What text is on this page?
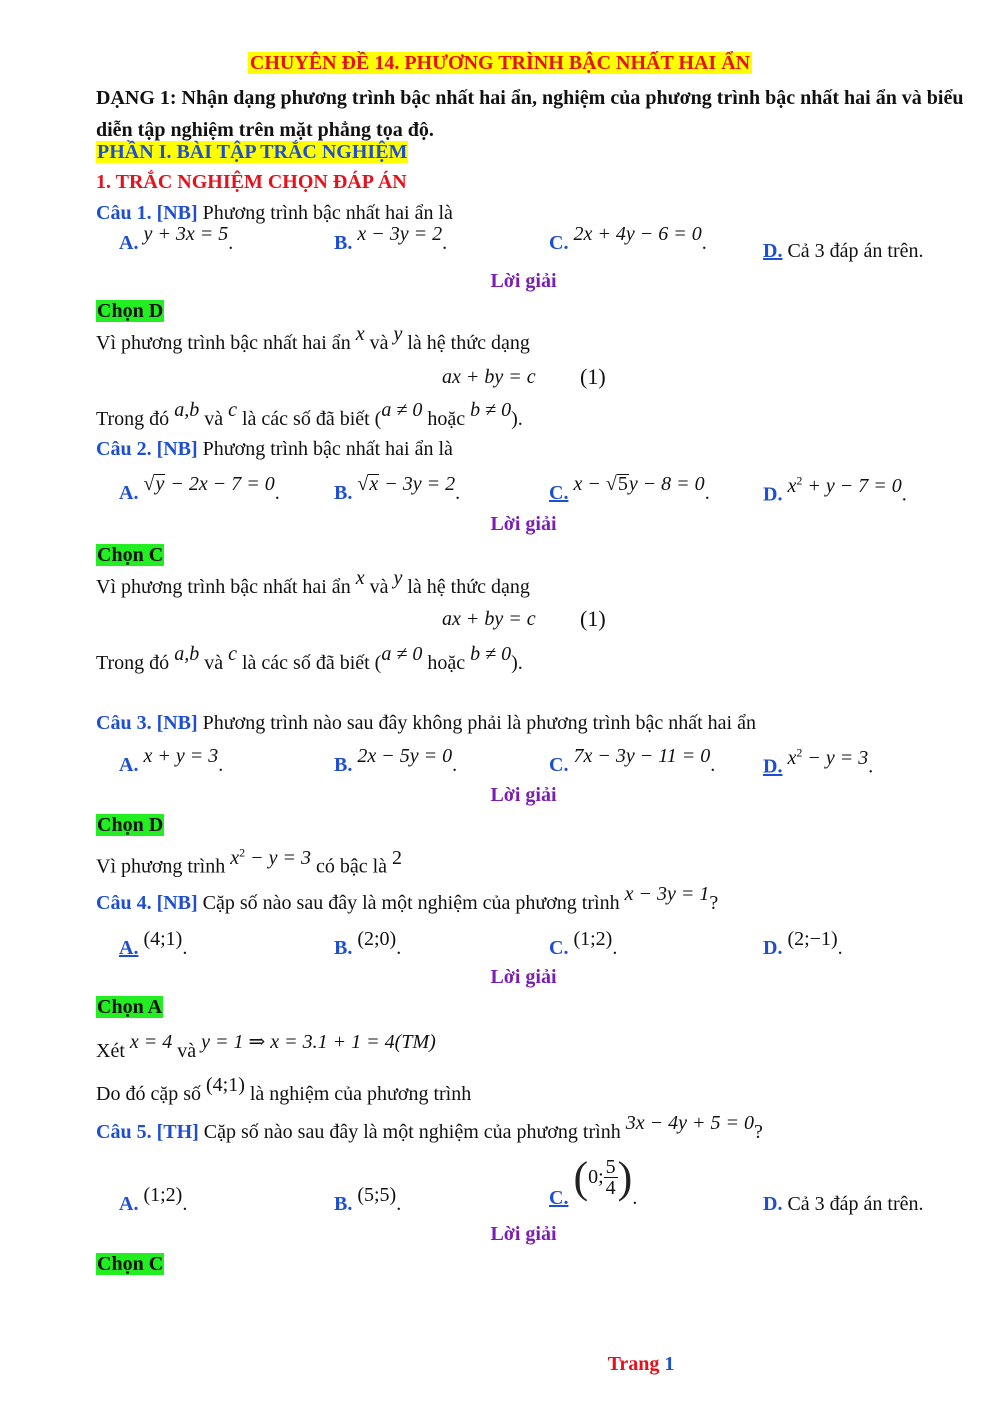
CHUYÊN ĐỀ 14. PHƯƠNG TRÌNH BẬC NHẤT HAI ẨN
DẠNG 1: Nhận dạng phương trình bậc nhất hai ẩn, nghiệm của phương trình bậc nhất hai ẩn và biểu diễn tập nghiệm trên mặt phẳng tọa độ.
PHẦN I. BÀI TẬP TRẮC NGHIỆM
1. TRẮC NGHIỆM CHỌN ĐÁP ÁN
Câu 1. [NB] Phương trình bậc nhất hai ẩn là
A. y + 3x = 5.	B. x − 3y = 2.	C. 2x + 4y − 6 = 0.	D. Cả 3 đáp án trên.
Lời giải
Chọn D
Vì phương trình bậc nhất hai ẩn x và y là hệ thức dạng
ax + by = c (1)
Trong đó a,b và c là các số đã biết (a ≠ 0 hoặc b ≠ 0).
Câu 2. [NB] Phương trình bậc nhất hai ẩn là
A. √y − 2x − 7 = 0.	B. √x − 3y = 2.	C. x − √5y − 8 = 0.	D. $x^2 + y - 7 = 0$.
Lời giải
Chọn C
Vì phương trình bậc nhất hai ẩn x và y là hệ thức dạng
ax + by = c (1)
Trong đó a,b và c là các số đã biết (a ≠ 0 hoặc b ≠ 0).
Câu 3. [NB] Phương trình nào sau đây không phải là phương trình bậc nhất hai ẩn
A. x + y = 3.	B. 2x − 5y = 0.	C. 7x − 3y − 11 = 0. D. $x^2 - y = 3$.
Lời giải
Chọn D
Vì phương trình $x^2 - y = 3$ có bậc là 2
Câu 4. [NB] Cặp số nào sau đây là một nghiệm của phương trình x − 3y = 1?
A. (4;1).	B. (2;0).	C. (1;2).	D. (2;−1).
Lời giải
Chọn A
Xét x = 4 và y = 1 ⇒ x = 3.1 + 1 = 4(TM)
Do đó cặp số (4;1) là nghiệm của phương trình
Câu 5. [TH] Cặp số nào sau đây là một nghiệm của phương trình 3x − 4y + 5 = 0?
A. (1;2).	B. (5;5).	C. (0; $\frac{5}{4}$ ).	D. Cả 3 đáp án trên.
Lời giải
Chọn C
Trang 1
